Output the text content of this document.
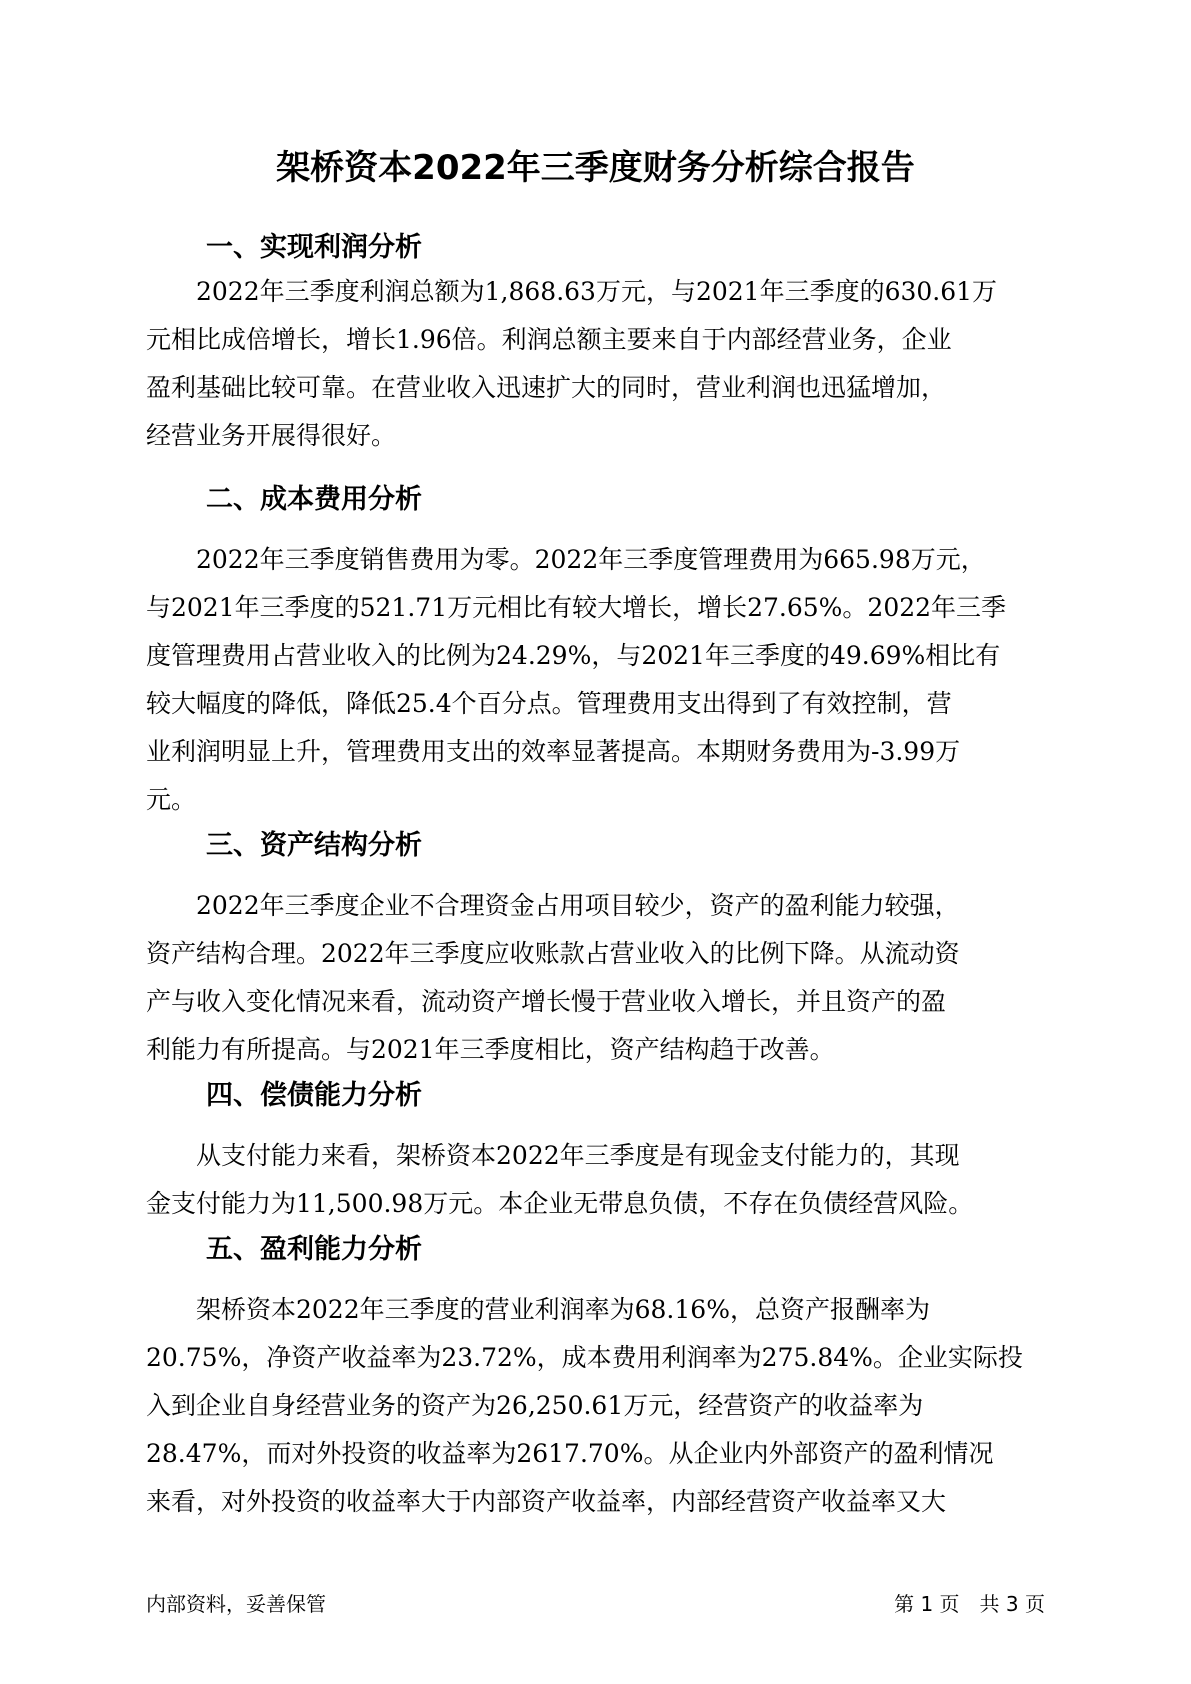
架桥资本2022年三季度财务分析综合报告
一、实现利润分析
　　2022年三季度利润总额为1,868.63万元，与2021年三季度的630.61万
元相比成倍增长，增长1.96倍。利润总额主要来自于内部经营业务，企业
盈利基础比较可靠。在营业收入迅速扩大的同时，营业利润也迅猛增加，
经营业务开展得很好。
二、成本费用分析
　　2022年三季度销售费用为零。2022年三季度管理费用为665.98万元，
与2021年三季度的521.71万元相比有较大增长，增长27.65%。2022年三季
度管理费用占营业收入的比例为24.29%，与2021年三季度的49.69%相比有
较大幅度的降低，降低25.4个百分点。管理费用支出得到了有效控制，营
业利润明显上升，管理费用支出的效率显著提高。本期财务费用为-3.99万
元。
三、资产结构分析
　　2022年三季度企业不合理资金占用项目较少，资产的盈利能力较强，
资产结构合理。2022年三季度应收账款占营业收入的比例下降。从流动资
产与收入变化情况来看，流动资产增长慢于营业收入增长，并且资产的盈
利能力有所提高。与2021年三季度相比，资产结构趋于改善。
四、偿债能力分析
　　从支付能力来看，架桥资本2022年三季度是有现金支付能力的，其现
金支付能力为11,500.98万元。本企业无带息负债，不存在负债经营风险。
五、盈利能力分析
　　架桥资本2022年三季度的营业利润率为68.16%，总资产报酬率为
20.75%，净资产收益率为23.72%，成本费用利润率为275.84%。企业实际投
入到企业自身经营业务的资产为26,250.61万元，经营资产的收益率为
28.47%，而对外投资的收益率为2617.70%。从企业内外部资产的盈利情况
来看，对外投资的收益率大于内部资产收益率，内部经营资产收益率又大
内部资料，妥善保管	第 1 页　共 3 页
